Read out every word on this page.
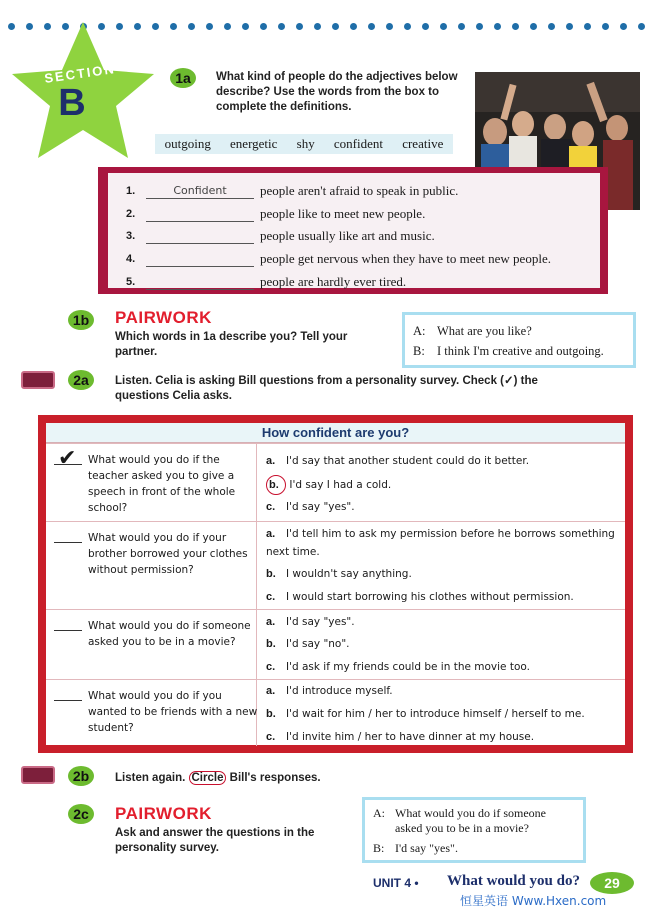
SECTION
B
1a	What kind of people do the adjectives below describe? Use the words from the box to complete the definitions.
outgoing energetic shy confident creative
1.	Confident	people aren't afraid to speak in public.
2.	people like to meet new people.
3.	people usually like art and music.
4.	people get nervous when they have to meet new people.
5.	people are hardly ever tired.
1b PAIRWORK
Which words in 1a describe you? Tell your partner.
A: What are you like?
B: I think I'm creative and outgoing.
2a	Listen. Celia is asking Bill questions from a personality survey. Check (✓) the questions Celia asks.
How confident are you?
✔ What would you do if the teacher asked you to give a speech in front of the whole school?
a. I'd say that another student could do it better.
b. I'd say I had a cold.
c. I'd say "yes".
What would you do if your brother borrowed your clothes without permission?
a. I'd tell him to ask my permission before he borrows something next time.
b. I wouldn't say anything.
c. I would start borrowing his clothes without permission.
What would you do if someone asked you to be in a movie?
a. I'd say "yes".
b. I'd say "no".
c. I'd ask if my friends could be in the movie too.
What would you do if you wanted to be friends with a new student?
a. I'd introduce myself.
b. I'd wait for him / her to introduce himself / herself to me.
c. I'd invite him / her to have dinner at my house.
2b	Listen again. Circle Bill's responses.
2c	PAIRWORK
Ask and answer the questions in the personality survey.
A: What would you do if someone asked you to be in a movie?
B: I'd say "yes".
UNIT 4 • What would you do?	29
恒星英语 Www.Hxen.com
